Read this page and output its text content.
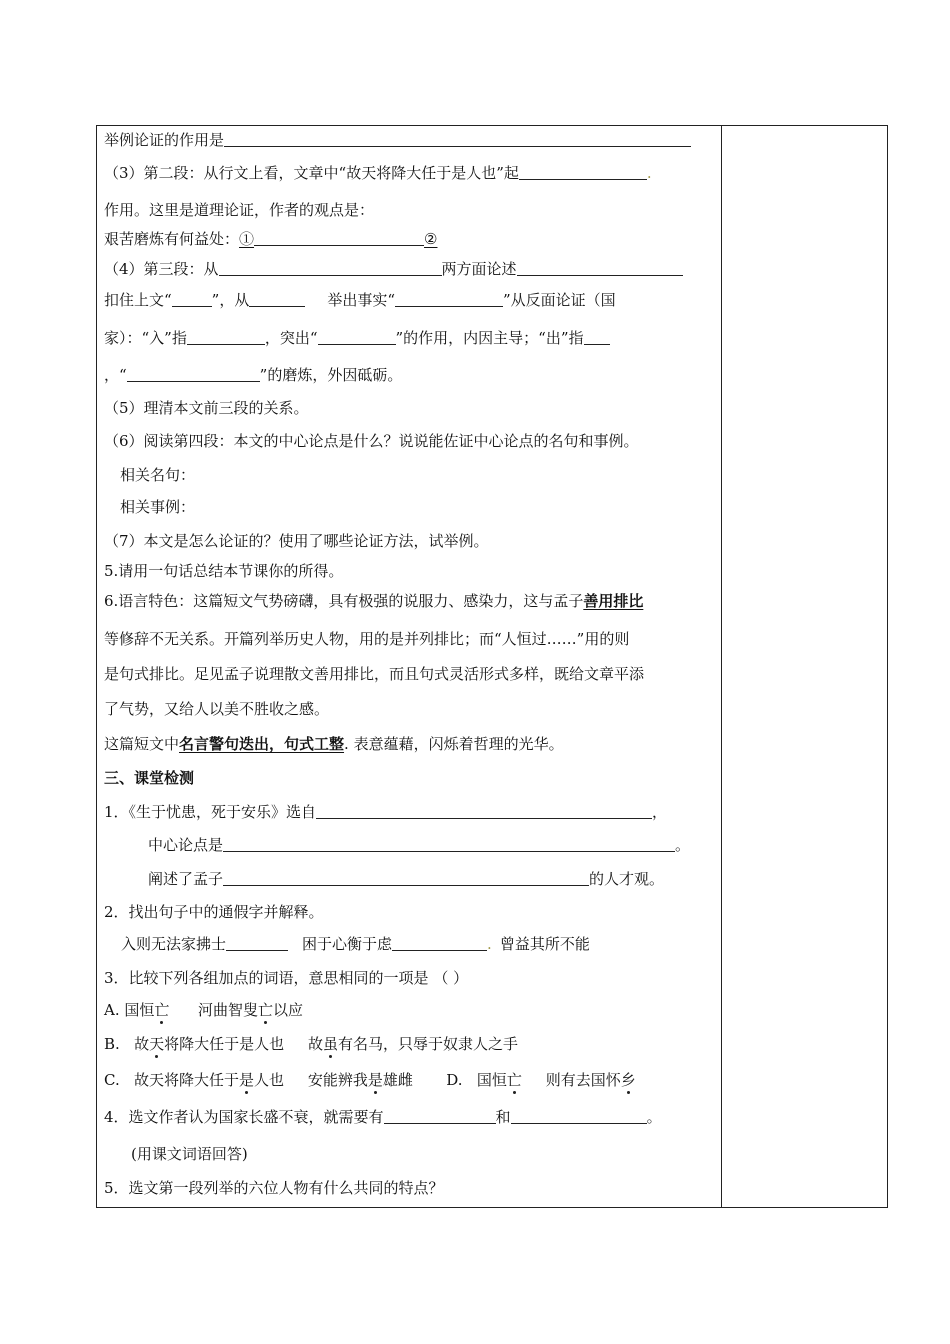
举例论证的作用是
（3）第二段：从行文上看，文章中“故天将降大任于是人也”起	.
作用。这里是道理论证，作者的观点是：
艰苦磨炼有何益处：①	②
（4）第三段：从	两方面论述
扣住上文“	”，从	举出事实“	”从反面论证（国
家）：“入”指	，突出“	”的作用，内因主导；“出”指
，“	”的磨炼，外因砥砺。
（5）理清本文前三段的关系。
（6）阅读第四段：本文的中心论点是什么？说说能佐证中心论点的名句和事例。
相关名句：
相关事例：
（7）本文是怎么论证的？使用了哪些论证方法，试举例。
5.请用一句话总结本节课你的所得。
6.语言特色：这篇短文气势磅礴，具有极强的说服力、感染力，这与孟子善用排比
等修辞不无关系。开篇列举历史人物，用的是并列排比；而“人恒过……”用的则
是句式排比。足见孟子说理散文善用排比，而且句式灵活形式多样，既给文章平添
了气势，又给人以美不胜收之感。
这篇短文中名言警句迭出，句式工整. 表意蕴藉，闪烁着哲理的光华。
三、课堂检测
1．《生于忧患，死于安乐》选自	，
中心论点是	。
阐述了孟子	的人才观。
2．找出句子中的通假字并解释。
入则无法家拂士	困于心衡于虑	. 曾益其所不能
3．比较下列各组加点的词语，意思相同的一项是 （ ）
A. 国恒亡      河曲智叟亡以应
B.   故天将降大任于是人也     故虽有名马，只辱于奴隶人之手
C.   故天将降大任于是人也     安能辨我是雄雌       D.   国恒亡     则有去国怀乡
4．选文作者认为国家长盛不衰，就需要有	和	。
(用课文词语回答)
5．选文第一段列举的六位人物有什么共同的特点？
